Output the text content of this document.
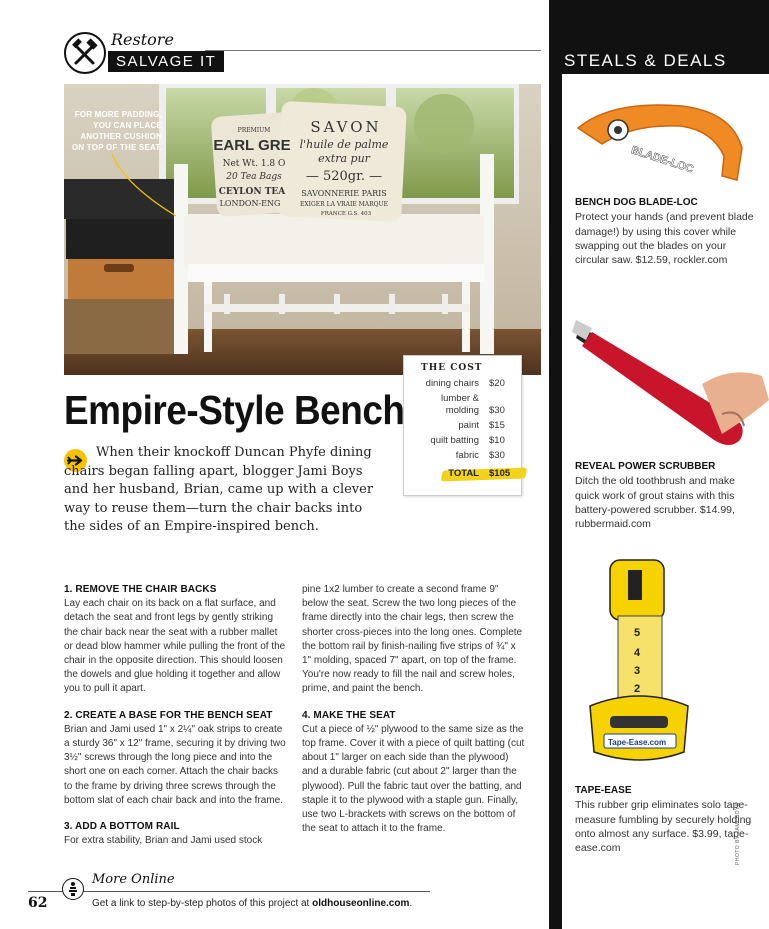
Restore
SALVAGE IT
PREMIUM
EARL GRE
Net Wt. 1.8 O
20 Tea Bags
CEYLON TEA
LONDON-ENG
SAVON
l'huile de palme
extra pur
— 520gr. —
SAVONNERIE PARIS
EXIGER LA VRAIE MARQUE
FRANCE G.S. 403
FOR MORE PADDING, YOU CAN PLACE ANOTHER CUSHION ON TOP OF THE SEAT.
THE COST
dining chairs	$20
lumber & molding	$30
paint	$15
quilt batting	$10
fabric	$30
TOTAL	$105
Empire-Style Bench
When their knockoff Duncan Phyfe dining chairs began falling apart, blogger Jami Boys and her husband, Brian, came up with a clever way to reuse them—turn the chair backs into the sides of an Empire-inspired bench.
1. REMOVE THE CHAIR BACKS
Lay each chair on its back on a flat surface, and detach the seat and front legs by gently striking the chair back near the seat with a rubber mallet or dead blow hammer while pulling the front of the chair in the opposite direction. This should loosen the dowels and glue holding it together and allow you to pull it apart.
2. CREATE A BASE FOR THE BENCH SEAT
Brian and Jami used 1" x 2¼" oak strips to create a sturdy 36" x 12" frame, securing it by driving two 3½" screws through the long piece and into the short one on each corner. Attach the chair backs to the frame by driving three screws through the bottom slat of each chair back and into the frame.
3. ADD A BOTTOM RAIL
For extra stability, Brian and Jami used stock
pine 1x2 lumber to create a second frame 9" below the seat. Screw the two long pieces of the frame directly into the chair legs, then screw the shorter cross-pieces into the long ones. Complete the bottom rail by finish-nailing five strips of ¾" x 1" molding, spaced 7" apart, on top of the frame. You're now ready to fill the nail and screw holes, prime, and paint the bench.
4. MAKE THE SEAT
Cut a piece of ½" plywood to the same size as the top frame. Cover it with a piece of quilt batting (cut about 1" larger on each side than the plywood) and a durable fabric (cut about 2" larger than the plywood). Pull the fabric taut over the batting, and staple it to the plywood with a staple gun. Finally, use two L-brackets with screws on the bottom of the seat to attach it to the frame.
More Online
62	Get a link to step-by-step photos of this project at oldhouseonline.com.
STEALS & DEALS
BLADE-LOC
BENCH DOG BLADE-LOC
Protect your hands (and prevent blade damage!) by using this cover while swapping out the blades on your circular saw. $12.59, rockler.com
REVEAL POWER SCRUBBER
Ditch the old toothbrush and make quick work of grout stains with this battery-powered scrubber. $14.99, rubbermaid.com
5
4
3
2
Tape-Ease.com
TAPE-EASE
This rubber grip eliminates solo tape-measure fumbling by securely holding onto almost any surface. $3.99, tape-ease.com	PHOTO BY JAMI BOYS
